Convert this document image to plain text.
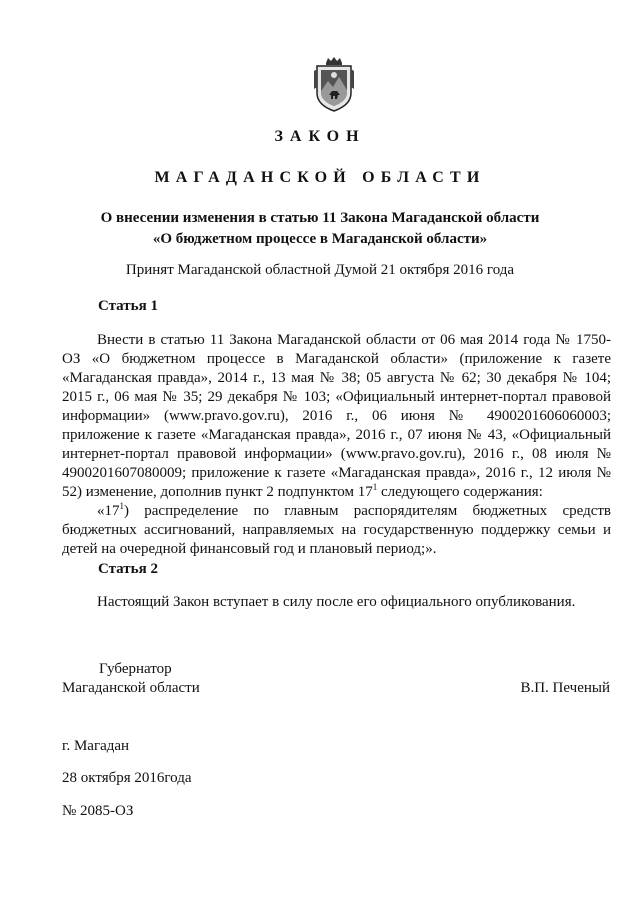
ЗАКОН
МАГАДАНСКОЙ ОБЛАСТИ
О внесении изменения в статью 11 Закона Магаданской области
«О бюджетном процессе в Магаданской области»
Принят Магаданской областной Думой 21 октября 2016 года
Статья 1

Внести в статью 11 Закона Магаданской области от 06 мая 2014 года № 1750-ОЗ «О бюджетном процессе в Магаданской области» (приложение к газете «Магаданская правда», 2014 г., 13 мая № 38; 05 августа № 62; 30 декабря № 104; 2015 г., 06 мая № 35; 29 декабря № 103; «Официальный интернет-портал правовой информации» (www.pravo.gov.ru), 2016 г., 06 июня № 4900201606060003; приложение к газете «Магаданская правда», 2016 г., 07 июня № 43, «Официальный интернет-портал правовой информации» (www.pravo.gov.ru), 2016 г., 08 июля № 4900201607080009; приложение к газете «Магаданская правда», 2016 г., 12 июля № 52) изменение, дополнив пункт 2 подпунктом $17^1$ следующего содержания:

«$17^1$) распределение по главным распорядителям бюджетных средств бюджетных ассигнований, направляемых на государственную поддержку семьи и детей на очередной финансовый год и плановый период;».

Статья 2
Настоящий Закон вступает в силу после его официального опубликования.
Губернатор
Магаданской области	В.П. Печеный
г. Магадан
28 октября 2016года
№ 2085-ОЗ
